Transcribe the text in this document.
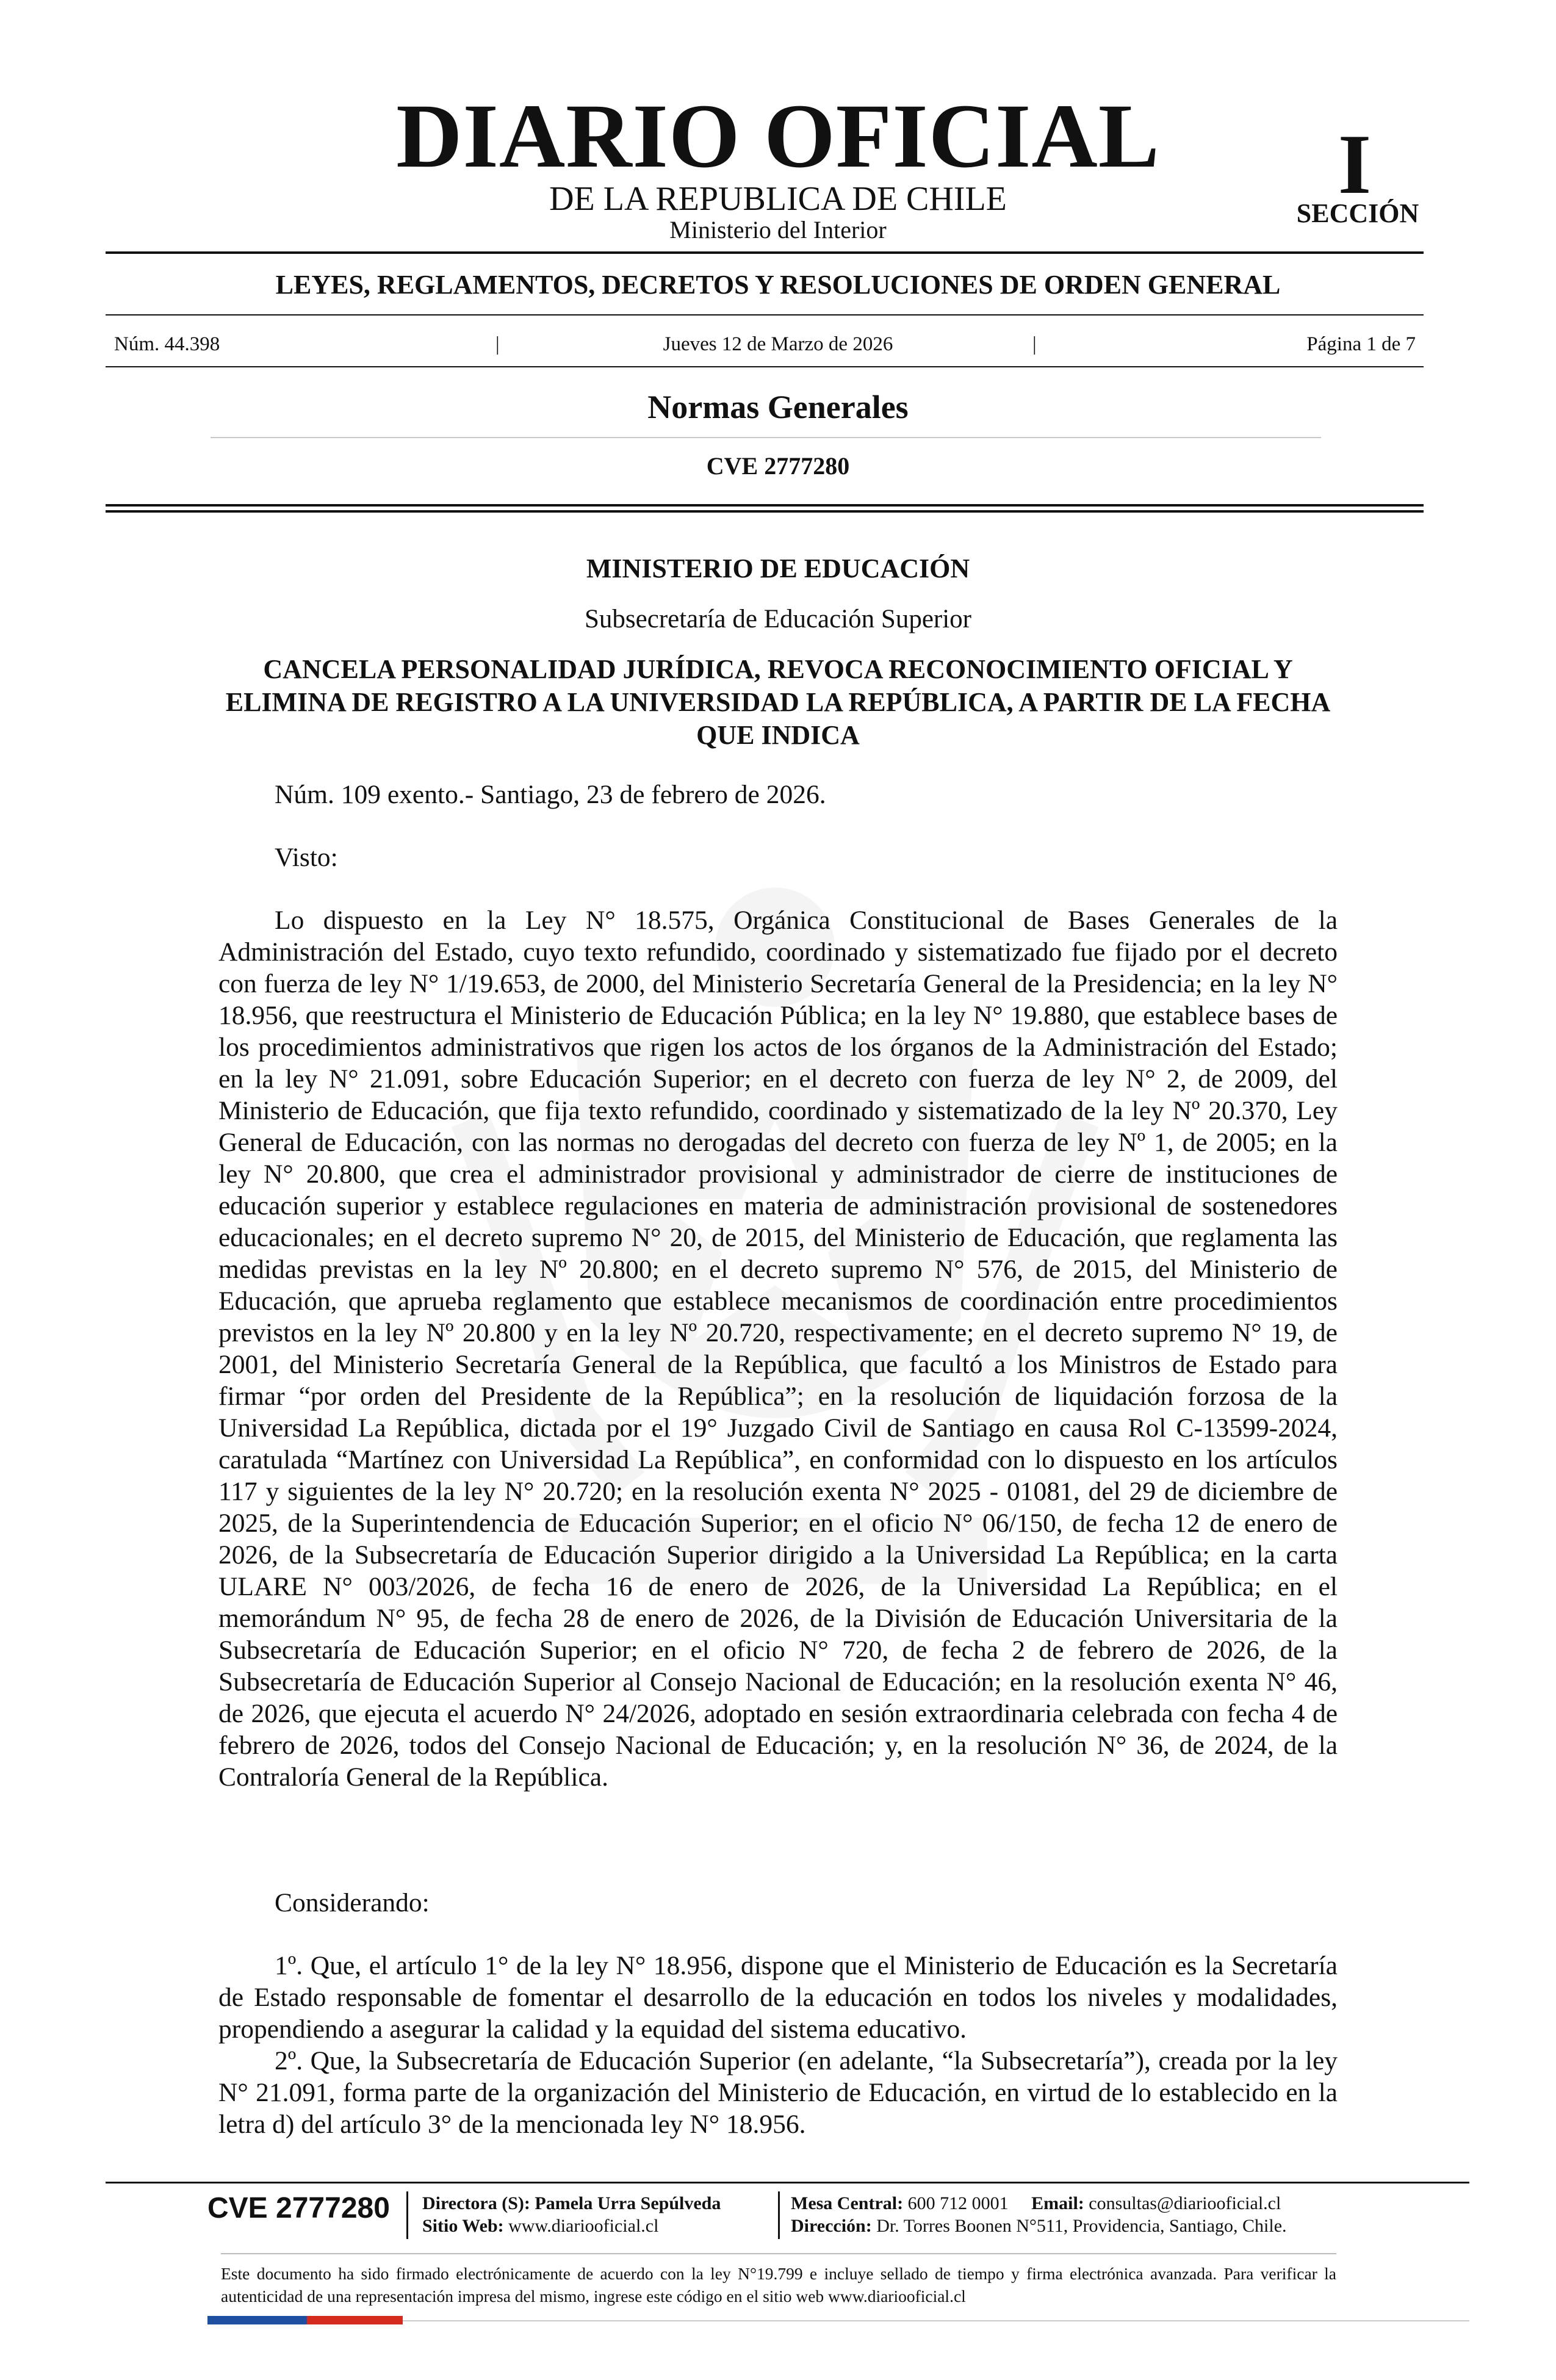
DIARIO OFICIAL
DE LA REPUBLICA DE CHILE
Ministerio del Interior
I
SECCIÓN
LEYES, REGLAMENTOS, DECRETOS Y RESOLUCIONES DE ORDEN GENERAL
Núm. 44.398	|	Jueves 12 de Marzo de 2026	|	Página 1 de 7
Normas Generales
CVE 2777280
MINISTERIO DE EDUCACIÓN
Subsecretaría de Educación Superior
CANCELA PERSONALIDAD JURÍDICA, REVOCA RECONOCIMIENTO OFICIAL Y ELIMINA DE REGISTRO A LA UNIVERSIDAD LA REPÚBLICA, A PARTIR DE LA FECHA QUE INDICA
Núm. 109 exento.- Santiago, 23 de febrero de 2026.
Visto:
Lo dispuesto en la Ley N° 18.575, Orgánica Constitucional de Bases Generales de la Administración del Estado, cuyo texto refundido, coordinado y sistematizado fue fijado por el decreto con fuerza de ley N° 1/19.653, de 2000, del Ministerio Secretaría General de la Presidencia; en la ley N° 18.956, que reestructura el Ministerio de Educación Pública; en la ley N° 19.880, que establece bases de los procedimientos administrativos que rigen los actos de los órganos de la Administración del Estado; en la ley N° 21.091, sobre Educación Superior; en el decreto con fuerza de ley N° 2, de 2009, del Ministerio de Educación, que fija texto refundido, coordinado y sistematizado de la ley Nº 20.370, Ley General de Educación, con las normas no derogadas del decreto con fuerza de ley Nº 1, de 2005; en la ley N° 20.800, que crea el administrador provisional y administrador de cierre de instituciones de educación superior y establece regulaciones en materia de administración provisional de sostenedores educacionales; en el decreto supremo N° 20, de 2015, del Ministerio de Educación, que reglamenta las medidas previstas en la ley Nº 20.800; en el decreto supremo N° 576, de 2015, del Ministerio de Educación, que aprueba reglamento que establece mecanismos de coordinación entre procedimientos previstos en la ley Nº 20.800 y en la ley Nº 20.720, respectivamente; en el decreto supremo N° 19, de 2001, del Ministerio Secretaría General de la República, que facultó a los Ministros de Estado para firmar “por orden del Presidente de la República”; en la resolución de liquidación forzosa de la Universidad La República, dictada por el 19° Juzgado Civil de Santiago en causa Rol C-13599-2024, caratulada “Martínez con Universidad La República”, en conformidad con lo dispuesto en los artículos 117 y siguientes de la ley N° 20.720; en la resolución exenta N° 2025 - 01081, del 29 de diciembre de 2025, de la Superintendencia de Educación Superior; en el oficio N° 06/150, de fecha 12 de enero de 2026, de la Subsecretaría de Educación Superior dirigido a la Universidad La República; en la carta ULARE N° 003/2026, de fecha 16 de enero de 2026, de la Universidad La República; en el memorándum N° 95, de fecha 28 de enero de 2026, de la División de Educación Universitaria de la Subsecretaría de Educación Superior; en el oficio N° 720, de fecha 2 de febrero de 2026, de la Subsecretaría de Educación Superior al Consejo Nacional de Educación; en la resolución exenta N° 46, de 2026, que ejecuta el acuerdo N° 24/2026, adoptado en sesión extraordinaria celebrada con fecha 4 de febrero de 2026, todos del Consejo Nacional de Educación; y, en la resolución N° 36, de 2024, de la Contraloría General de la República.
Considerando:
1º. Que, el artículo 1° de la ley N° 18.956, dispone que el Ministerio de Educación es la Secretaría de Estado responsable de fomentar el desarrollo de la educación en todos los niveles y modalidades, propendiendo a asegurar la calidad y la equidad del sistema educativo.
2º. Que, la Subsecretaría de Educación Superior (en adelante, “la Subsecretaría”), creada por la ley N° 21.091, forma parte de la organización del Ministerio de Educación, en virtud de lo establecido en la letra d) del artículo 3° de la mencionada ley N° 18.956.
CVE 2777280 Directora (S): Pamela Urra Sepúlveda
Sitio Web: www.diariooficial.cl
Mesa Central: 600 712 0001 Email: consultas@diariooficial.cl
Dirección: Dr. Torres Boonen N°511, Providencia, Santiago, Chile.
Este documento ha sido firmado electrónicamente de acuerdo con la ley N°19.799 e incluye sellado de tiempo y firma electrónica avanzada. Para verificar la autenticidad de una representación impresa del mismo, ingrese este código en el sitio web www.diariooficial.cl
